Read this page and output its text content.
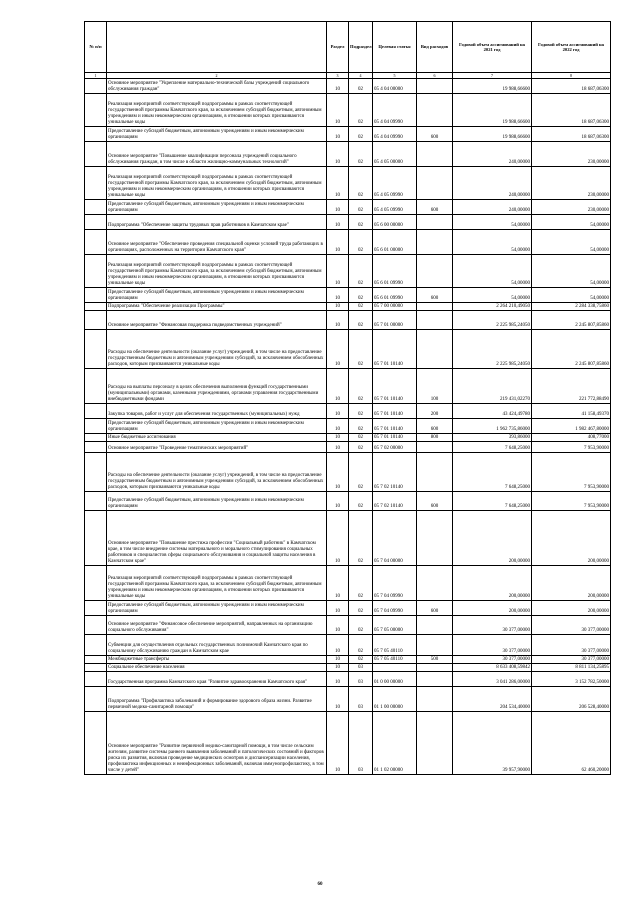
№ п/п		Раздел	Подраздел	Целевая статья	Вид расходов	Годовой объем ассигнований на 2021 год	Годовой объем ассигнований на 2022 год
1	2	3	4	5	6	7	8
	Основное мероприятие "Укрепление материально-технической базы учреждений социального обслуживания граждан"	10	02	05 4 04 00000		19 988,66600	18 687,06300
	Реализация мероприятий соответствующей подпрограммы в рамках соответствующей государственной программы Камчатского края, за исключением субсидий бюджетным, автономным учреждениям и иным некоммерческим организациям, в отношении которых присваиваются уникальные коды	10	02	05 4 04 09990		19 988,66600	18 687,06300
	Предоставление субсидий бюджетным, автономным учреждениям и иным некоммерческим организациям	10	02	05 4 04 09990	600	19 988,66600	18 687,06300
	Основное мероприятие "Повышение квалификации персонала учреждений социального обслуживания граждан, в том числе в области жилищно-коммунальных технологий"	10	02	05 4 05 00000		240,00000	230,00000
	Реализация мероприятий соответствующей подпрограммы в рамках соответствующей государственной программы Камчатского края, за исключением субсидий бюджетным, автономным учреждениям и иным некоммерческим организациям, в отношении которых присваиваются уникальные коды	10	02	05 4 05 09990		240,00000	230,00000
	Предоставление субсидий бюджетным, автономным учреждениям и иным некоммерческим организациям	10	02	05 4 05 09990	600	240,00000	230,00000
	Подпрограмма "Обеспечение защиты трудовых прав работников в Камчатском крае"	10	02	05 6 00 00000		54,00000	54,00000
	Основное мероприятие "Обеспечение проведения специальной оценки условий труда работающих в организациях, расположенных на территории Камчатского края"	10	02	05 6 01 00000		54,00000	54,00000
	Реализация мероприятий соответствующей подпрограммы в рамках соответствующей государственной программы Камчатского края, за исключением субсидий бюджетным, автономным учреждениям и иным некоммерческим организациям, в отношении которых присваиваются уникальные коды	10	02	05 6 01 09990		54,00000	54,00000
	Предоставление субсидий бюджетным, автономным учреждениям и иным некоммерческим организациям	10	02	05 6 01 09990	600	54,00000	54,00000
	Подпрограмма "Обеспечение реализации Программы"	10	02	05 7 00 00000		2 264 210,49050	2 284 338,75860
	Основное мероприятие "Финансовая поддержка подведомственных учреждений"	10	02	05 7 01 00000		2 225 985,24050	2 245 807,85860
	Расходы на обеспечение деятельности (оказание услуг) учреждений, в том числе на предоставление государственным бюджетным и автономным учреждениям субсидий, за исключением обособленных расходов, которым присваиваются уникальные коды	10	02	05 7 01 10140		2 225 985,24050	2 245 807,85860
	Расходы на выплаты персоналу в целях обеспечения выполнения функций государственными (муниципальными) органами, казенными учреждениями, органами управления государственными внебюджетными фондами	10	02	05 7 01 10140	100	219 431,02270	221 772,88490
	Закупка товаров, работ и услуг для обеспечения государственных (муниципальных) нужд	10	02	05 7 01 10140	200	43 424,49780	41 158,49370
	Предоставление субсидий бюджетным, автономным учреждениям и иным некоммерческим организациям	10	02	05 7 01 10140	600	1 962 735,86000	1 982 467,80000
	Иные бюджетные ассигнования	10	02	05 7 01 10140	800	393,86000	408,77000
	Основное мероприятие "Проведение тематических мероприятий"	10	02	05 7 02 00000		7 648,25000	7 953,90000
	Расходы на обеспечение деятельности (оказание услуг) учреждений, в том числе на предоставление государственным бюджетным и автономным учреждениям субсидий, за исключением обособленных расходов, которым присваиваются уникальные коды	10	02	05 7 02 10140		7 648,25000	7 953,90000
	Предоставление субсидий бюджетным, автономным учреждениям и иным некоммерческим организациям	10	02	05 7 02 10140	600	7 648,25000	7 953,90000
	Основное мероприятие "Повышение престижа профессии "Социальный работник" в Камчатском крае, в том числе внедрение системы материального и морального стимулирования социальных работников и специалистов сферы социального обслуживания и социальной защиты населения в Камчатском крае"	10	02	05 7 04 00000		200,00000	200,00000
	Реализация мероприятий соответствующей подпрограммы в рамках соответствующей государственной программы Камчатского края, за исключением субсидий бюджетным, автономным учреждениям и иным некоммерческим организациям, в отношении которых присваиваются уникальные коды	10	02	05 7 04 09990		200,00000	200,00000
	Предоставление субсидий бюджетным, автономным учреждениям и иным некоммерческим организациям	10	02	05 7 04 09990	600	200,00000	200,00000
	Основное мероприятие "Финансовое обеспечение мероприятий, направленных на организацию социального обслуживания"	10	02	05 7 05 00000		30 377,00000	30 377,00000
	Субвенции для осуществления отдельных государственных полномочий Камчатского края по социальному обслуживанию граждан в Камчатском крае	10	02	05 7 05 40110		30 377,00000	30 377,00000
	Межбюджетные трансферты	10	02	05 7 05 40110	500	30 377,00000	30 377,00000
	Социальное обеспечение населения	10	03			8 633 408,59842	8 811 134,25895
	Государственная программа Камчатского края "Развитие здравоохранения Камчатского края"	10	03	01 0 00 00000		3 041 286,00000	3 152 782,50000
	Подпрограмма "Профилактика заболеваний и формирование здорового образа жизни. Развитие первичной медико-санитарной помощи"	10	03	01 1 00 00000		204 534,40000	206 528,40000
	Основное мероприятие "Развитие первичной медико-санитарной помощи, в том числе сельским жителям, развитие системы раннего выявления заболеваний и патологических состояний и факторов риска их развития, включая проведение медицинских осмотров и диспансеризации населения, профилактика инфекционных и неинфекционных заболеваний, включая иммунопрофилактику, в том числе у детей"	10	03	01 1 02 00000		39 957,90000	62 460,20000
60
